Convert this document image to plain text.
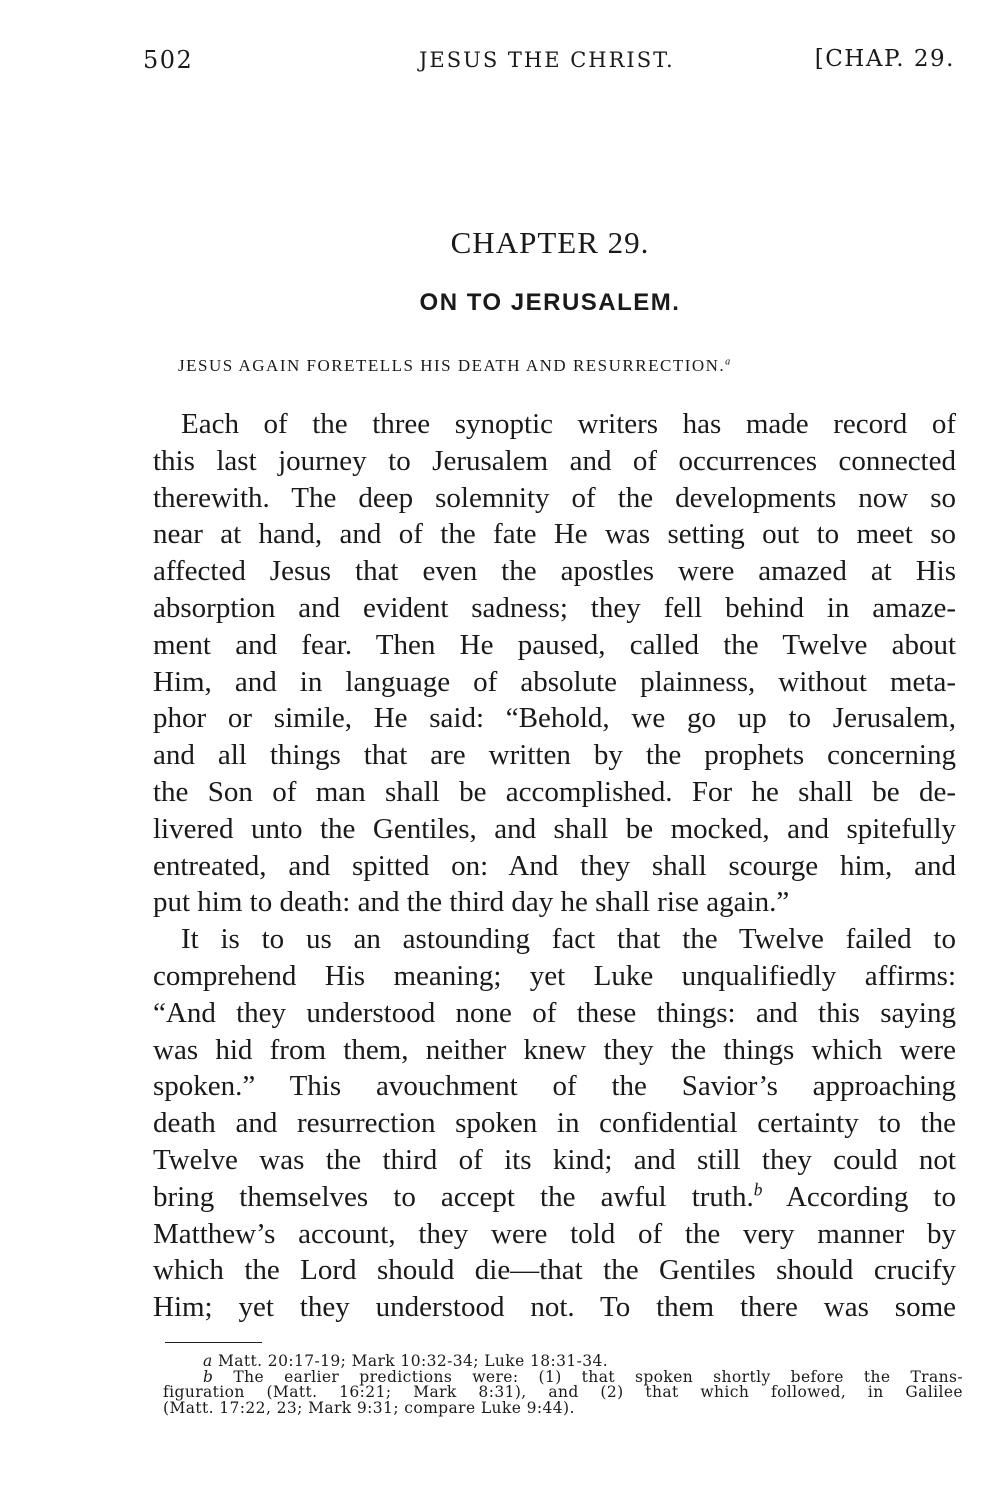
502	JESUS THE CHRIST.	[CHAP. 29.
CHAPTER 29.
ON TO JERUSALEM.
JESUS AGAIN FORETELLS HIS DEATH AND RESURRECTION.$^a$
Each of the three synoptic writers has made record of
this last journey to Jerusalem and of occurrences connected
therewith. The deep solemnity of the developments now so
near at hand, and of the fate He was setting out to meet so
affected Jesus that even the apostles were amazed at His
absorption and evident sadness; they fell behind in amaze-
ment and fear. Then He paused, called the Twelve about
Him, and in language of absolute plainness, without meta-
phor or simile, He said: “Behold, we go up to Jerusalem,
and all things that are written by the prophets concerning
the Son of man shall be accomplished. For he shall be de-
livered unto the Gentiles, and shall be mocked, and spitefully
entreated, and spitted on: And they shall scourge him, and
put him to death: and the third day he shall rise again.”
It is to us an astounding fact that the Twelve failed to
comprehend His meaning; yet Luke unqualifiedly affirms:
“And they understood none of these things: and this saying
was hid from them, neither knew they the things which were
spoken.” This avouchment of the Savior’s approaching
death and resurrection spoken in confidential certainty to the
Twelve was the third of its kind; and still they could not
bring themselves to accept the awful truth.$^b$ According to
Matthew’s account, they were told of the very manner by
which the Lord should die—that the Gentiles should crucify
Him; yet they understood not. To them there was some
a Matt. 20:17-19; Mark 10:32-34; Luke 18:31-34.
b The earlier predictions were: (1) that spoken shortly before the Trans-
figuration (Matt. 16:21; Mark 8:31), and (2) that which followed, in Galilee
(Matt. 17:22, 23; Mark 9:31; compare Luke 9:44).
